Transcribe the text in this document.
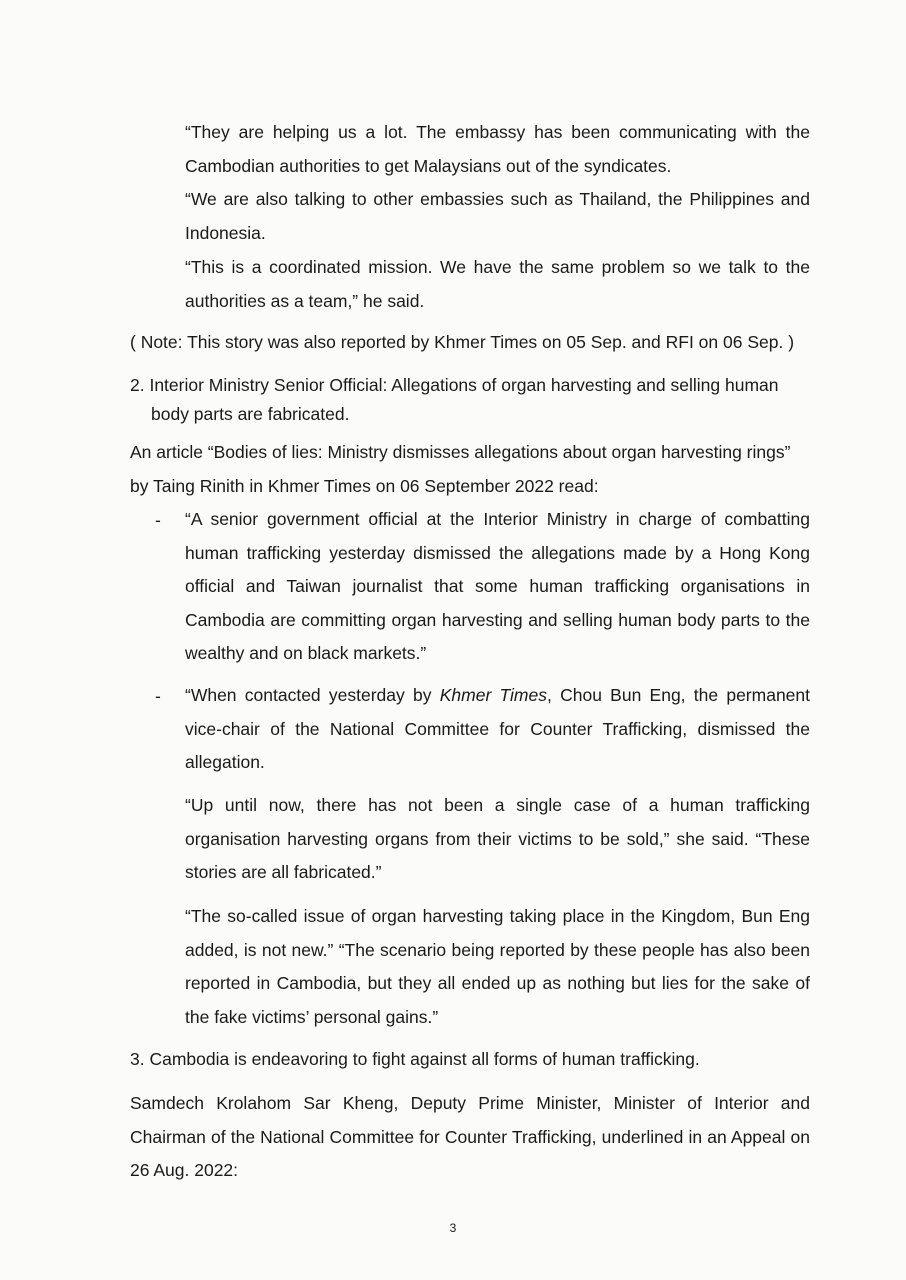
“They are helping us a lot. The embassy has been communicating with the Cambodian authorities to get Malaysians out of the syndicates.

“We are also talking to other embassies such as Thailand, the Philippines and Indonesia.

“This is a coordinated mission. We have the same problem so we talk to the authorities as a team,” he said.

( Note: This story was also reported by Khmer Times on 05 Sep. and RFI on 06 Sep. )

2. Interior Ministry Senior Official: Allegations of organ harvesting and selling human body parts are fabricated.

An article “Bodies of lies: Ministry dismisses allegations about organ harvesting rings” by Taing Rinith in Khmer Times on 06 September 2022 read:

- “A senior government official at the Interior Ministry in charge of combatting human trafficking yesterday dismissed the allegations made by a Hong Kong official and Taiwan journalist that some human trafficking organisations in Cambodia are committing organ harvesting and selling human body parts to the wealthy and on black markets.”

- “When contacted yesterday by Khmer Times, Chou Bun Eng, the permanent vice-chair of the National Committee for Counter Trafficking, dismissed the allegation.

“Up until now, there has not been a single case of a human trafficking organisation harvesting organs from their victims to be sold,” she said. “These stories are all fabricated.”

“The so-called issue of organ harvesting taking place in the Kingdom, Bun Eng added, is not new.” “The scenario being reported by these people has also been reported in Cambodia, but they all ended up as nothing but lies for the sake of the fake victims’ personal gains.”

3. Cambodia is endeavoring to fight against all forms of human trafficking.

Samdech Krolahom Sar Kheng, Deputy Prime Minister, Minister of Interior and Chairman of the National Committee for Counter Trafficking, underlined in an Appeal on 26 Aug. 2022:

3
